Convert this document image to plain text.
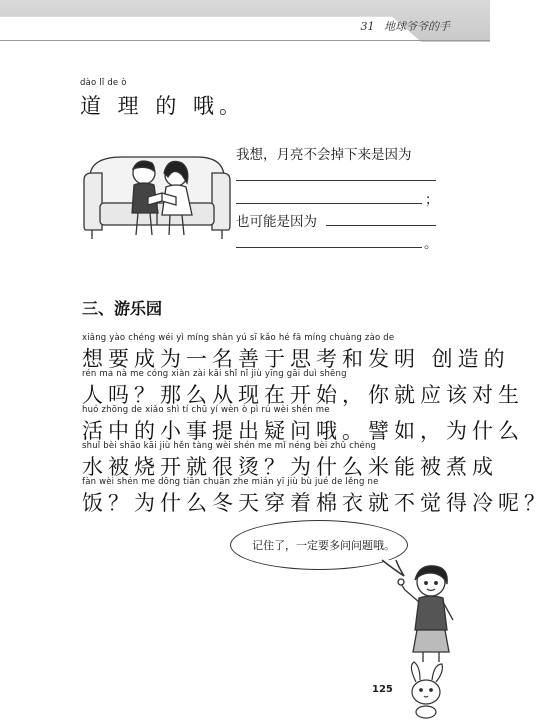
31 地球爷爷的手
dào lǐ de ò
道 理 的 哦。
我想，月亮不会掉下来是因为
；
也可能是因为
。
三、游乐园
xiǎng yào chéng wéi yì míng shàn yú sī kǎo hé fā míng chuàng zào de
想要成为一名善于思考和发明 创造的
rén ma nà me cóng xiàn zài kāi shǐ nǐ jiù yīng gāi duì shēng
人吗？那么从现在开始，你就应该对生
huó zhōng de xiǎo shì tí chū yí wèn ò pì rú wèi shén me
活中的小事提出疑问哦。譬如，为什么
shuǐ bèi shāo kāi jiù hěn tàng wèi shén me mǐ néng bèi zhǔ chéng
水被烧开就很烫？为什么米能被煮成
fàn wèi shén me dōng tiān chuān zhe mián yī jiù bù jué de lěng ne
饭？为什么冬天穿着棉衣就不觉得冷呢？
记住了，一定要多问问题哦。
125
